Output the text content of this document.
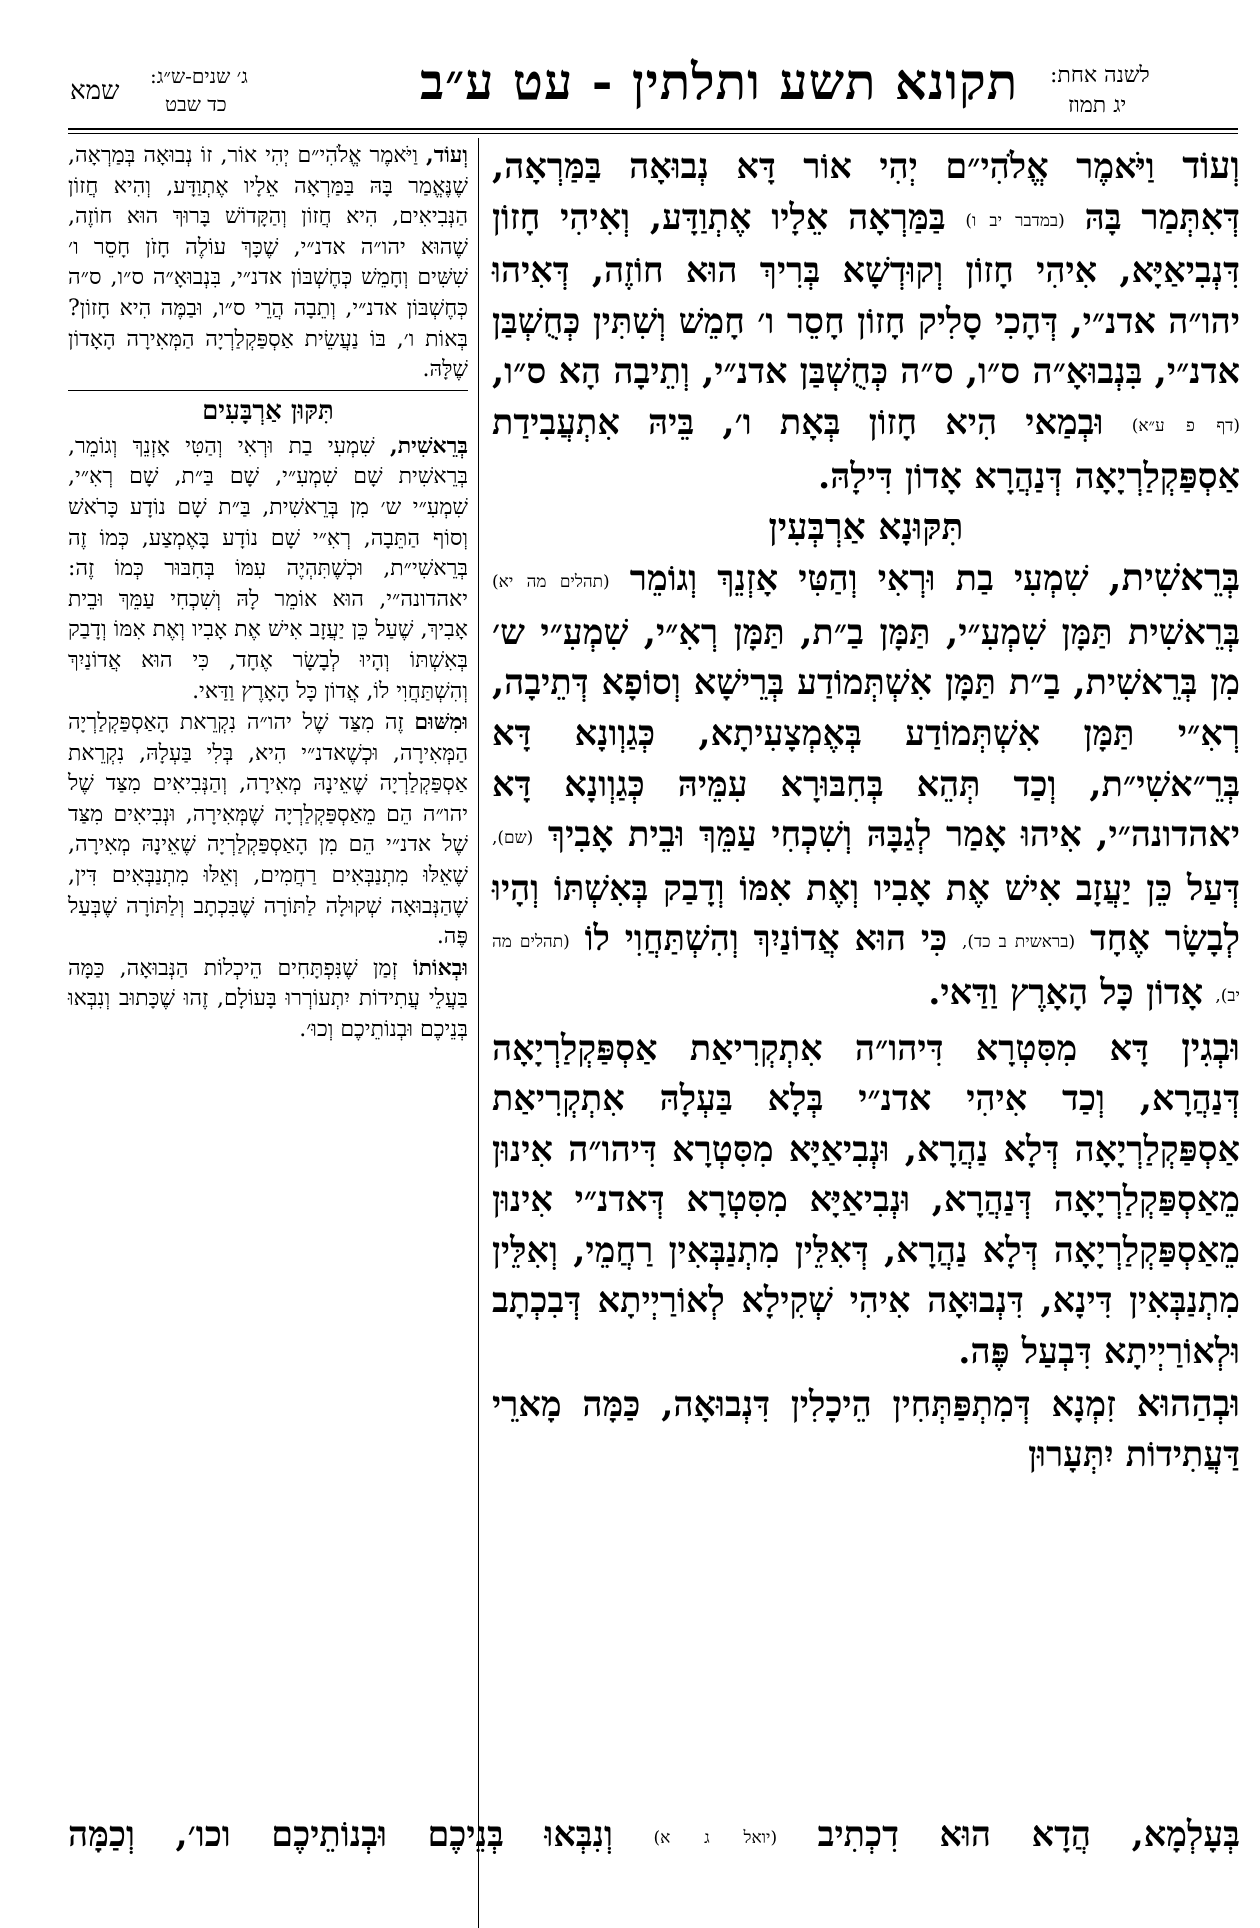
שמא ג׳ שנים-ש״ג:
כד שבט	תקונא תשע ותלתין - עט ע״ב לשנה אחת:
יג תמוז

וְעוֹד וַיֹּאמֶר אֱלֹהִי״ם יְהִי אוֹר דָּא נְבוּאָה בַּמַּרְאָה, דְּאִתְּמַר בָּהּ (במדבר יב ו) בַּמַּרְאָה אֵלָיו אֶתְוַדָּע, וְאִיהִי חָזוֹן דִּנְבִיאַיָּא, אִיהִי חָזוֹן וְקוּדְשָׁא בְּרִיךְ הוּא חוֹזֶה, דְּאִיהוּ יהו״ה אדנ״י, דְּהָכִי סָלִיק חָזוֹן חָסֵר ו׳ חָמֵשׁ וְשִׁתִּין כְּחֻשְׁבַּן אדנ״י, בִּנְבוּאָ״ה ס״ו, ס״ה כְּחֻשְׁבַּן אדנ״י, וְתֵיבָה הָא ס״ו, (דף פ ע״א) וּבְמַאי הִיא חָזוֹן בְּאָת ו׳, בֵּיהּ אִתְעֲבִידַת אַסְפַּקְלַרְיָאָה דְּנַהֲרָא אָדוֹן דִּילָהּ.

תִּקּוּנָא אַרְבְּעִין

בְּרֵאשִׁית, שִׁמְעִי בַת וּרְאִי וְהַטִּי אָזְנֵךְ וְגוֹמֵר (תהלים מה יא) בְּרֵאשִׁית תַּמָּן שִׁמְעִ״י, תַּמָּן בַ״ת, תַּמָּן רְאִ״י, שִׁמְעִ״י ש׳ מִן בְּרֵאשִׁית, בַ״ת תַּמָּן אִשְׁתְּמוֹדַע בְּרֵישָׁא וְסוֹפָא דְּתֵיבָה, רְאִ״י תַּמָּן אִשְׁתְּמוֹדַע בְּאֶמְצָעִיתָא, כְּגַוְונָא דָּא בְּרֵ״אשִׁי״ת, וְכַד תְּהֵא בְּחִבּוּרָא עִמֵּיהּ כְּגַוְונָא דָּא יאהדונה״י, אִיהוּ אָמַר לְגַבָּהּ וְשִׁכְחִי עַמֵּךְ וּבֵית אָבִיךְ (שם), דְּעַל כֵּן יַעֲזָב אִישׁ אֶת אָבִיו וְאֶת אִמּוֹ וְדָבַק בְּאִשְׁתּוֹ וְהָיוּ לְבָשָׂר אֶחָד (בראשית ב כד), כִּי הוּא אֲדוֹנַיִךְ וְהִשְׁתַּחֲוִי לוֹ (תהלים מה יב), אָדוֹן כָּל הָאָרֶץ וַדַּאי.

וּבְגִין דָּא מִסִּטְרָא דִּיהו״ה אִתְקְרִיאַת אַסְפַּקְלַרְיָאָה דְּנַהֲרָא, וְכַד אִיהִי אדנ״י בְּלָא בַּעְלָהּ אִתְקְרִיאַת אַסְפַּקְלַרְיָאָה דְּלָא נַהֲרָא, וּנְבִיאַיָּא מִסִּטְרָא דִּיהו״ה אִינוּן מֵאַסְפַּקְלַרְיָאָה דְּנַהֲרָא, וּנְבִיאַיָּא מִסִּטְרָא דְּאדנ״י אִינוּן מֵאַסְפַּקְלַרְיָאָה דְּלָא נַהֲרָא, דְּאִלֵּין מִתְנַבְּאִין רַחֲמֵי, וְאִלֵּין מִתְנַבְּאִין דִּינָא, דִּנְבוּאָה אִיהִי שְׁקִילָא לְאוֹרַיְיתָא דְּבִכְתָב וּלְאוֹרַיְיתָא דִּבְעַל פֶּה.

וּבְהַהוּא זִמְנָא דְּמִתְפַּתְּחִין הֵיכָלִין דִּנְבוּאָה, כַּמָּה מָארֵי דַּעֲתִידוֹת יִתְּעָרוּן

וְעוֹד, וַיֹּאמֶר אֱלֹהִי״ם יְהִי אוֹר, זוֹ נְבוּאָה בְּמַרְאָה, שֶׁנֶּאֱמַר בָּהּ בַּמַּרְאָה אֵלָיו אֶתְוַדָּע, וְהִיא חֲזוֹן הַנְּבִיאִים, הִיא חֲזוֹן וְהַקָּדוֹשׁ בָּרוּךְ הוּא חוֹזֶה, שֶׁהוּא יהו״ה אדנ״י, שֶׁכָּךְ עוֹלֶה חָזֹן חָסֵר ו׳ שִׁשִּׁים וְחָמֵשׁ כְּחֶשְׁבּוֹן אדנ״י, בִּנְבוּאָ״ה ס״ו, ס״ה כְּחֶשְׁבּוֹן אדנ״י, וְתֵבָה הֲרֵי ס״ו, וּבַמֶּה הִיא חָזוֹן? בְּאוֹת ו׳, בּוֹ נַעֲשֵׂית אַסְפַּקְלַרְיָה הַמְּאִירָה הָאָדוֹן שֶׁלָּהּ.

תִּקּוּן אַרְבָּעִים

בְּרֵאשִׁית, שִׁמְעִי בַת וּרְאִי וְהַטִּי אָזְנֵךְ וְגוֹמֵר, בְּרֵאשִׁית שָׁם שִׁמְעִ״י, שָׁם בַּ״ת, שָׁם רְאִ״י, שִׁמְעִ״י ש׳ מִן בְּרֵאשִׁית, בַּ״ת שָׁם נוֹדָע כָּרֹאשׁ וְסוֹף הַתֵּבָה, רְאִ״י שָׁם נוֹדָע בָּאֶמְצַע, כְּמוֹ זֶה בְּרֵאשִׁי״ת, וּכְשֶׁתִּהְיֶה עִמּוֹ בְּחִבּוּר כְּמוֹ זֶה: יאהדונה״י, הוּא אוֹמֵר לָהּ וְשִׁכְחִי עַמֵּךְ וּבֵית אָבִיךְ, שֶׁעַל כֵּן יַעֲזָב אִישׁ אֶת אָבִיו וְאֶת אִמּוֹ וְדָבַק בְּאִשְׁתּוֹ וְהָיוּ לְבָשָׂר אֶחָד, כִּי הוּא אֲדוֹנַיִךְ וְהִשְׁתַּחֲוִי לוֹ, אֲדוֹן כָּל הָאָרֶץ וַדַּאי.

וּמִשּׁוּם זֶה מִצַּד שֶׁל יהו״ה נִקְרֵאת הָאַסְפַּקְלַרְיָה הַמְּאִירָה, וּכְשֶׁאדנ״י הִיא, בְּלִי בַּעְלָהּ, נִקְרֵאת אַסְפַּקְלַרְיָה שֶׁאֵינָהּ מְאִירָה, וְהַנְּבִיאִים מִצַּד שֶׁל יהו״ה הֵם מֵאַסְפַּקְלַרְיָה שֶׁמְּאִירָה, וּנְבִיאִים מִצַּד שֶׁל אדנ״י הֵם מִן הָאַסְפַּקְלַרְיָה שֶׁאֵינָהּ מְאִירָה, שֶׁאֵלּוּ מִתְנַבְּאִים רַחֲמִים, וְאֵלּוּ מִתְנַבְּאִים דִּין, שֶׁהַנְּבוּאָה שְׁקוּלָה לַתּוֹרָה שֶׁבִּכְתָב וְלַתּוֹרָה שֶׁבְּעַל פֶּה.

וּבְאוֹתוֹ זְמַן שֶׁנִּפְתָּחִים הֵיכְלוֹת הַנְּבוּאָה, כַּמָּה בַּעֲלֵי עֲתִידוֹת יִתְעוֹרְרוּ בָּעוֹלָם, זֶהוּ שֶׁכָּתוּב וְנִבְּאוּ בְּנֵיכֶם וּבְנוֹתֵיכֶם וְכוּ׳.

בְּעָלְמָא, הֲדָא הוּא דִכְתִיב (יואל ג א) וְנִבְּאוּ בְּנֵיכֶם וּבְנוֹתֵיכֶם וכו׳, וְכַמָּה
